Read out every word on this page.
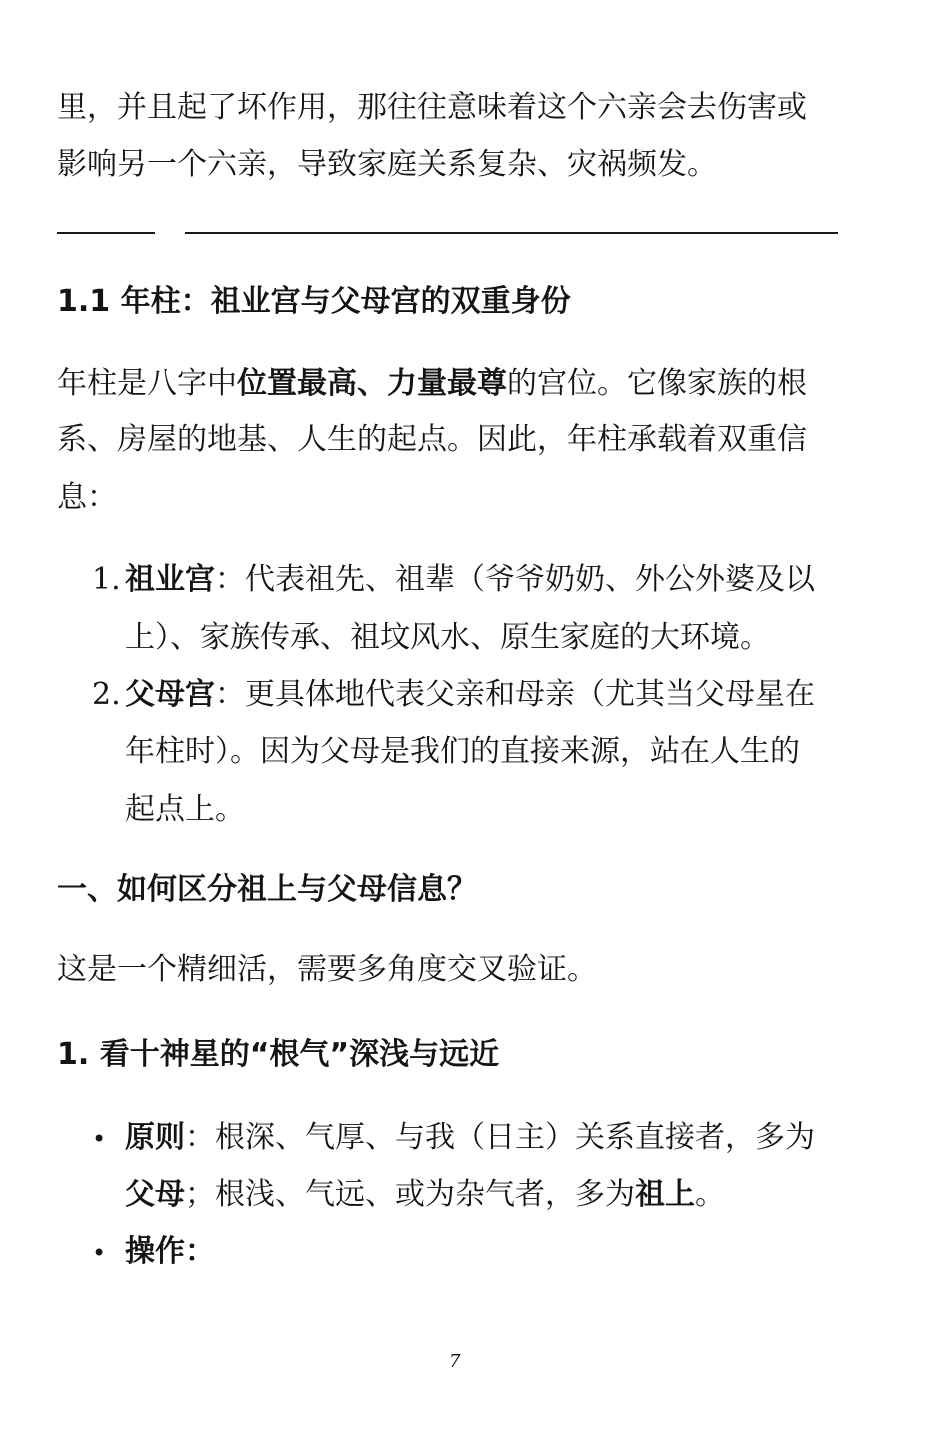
里，并且起了坏作用，那往往意味着这个六亲会去伤害或
影响另一个六亲，导致家庭关系复杂、灾祸频发。
1.1 年柱：祖业宫与父母宫的双重身份
年柱是八字中位置最高、力量最尊的宫位。它像家族的根
系、房屋的地基、人生的起点。因此，年柱承载着双重信
息：
1. 祖业宫：代表祖先、祖辈（爷爷奶奶、外公外婆及以
上）、家族传承、祖坟风水、原生家庭的大环境。
2. 父母宫：更具体地代表父亲和母亲（尤其当父母星在
年柱时）。因为父母是我们的直接来源，站在人生的
起点上。
一、如何区分祖上与父母信息？
这是一个精细活，需要多角度交叉验证。
1. 看十神星的“根气”深浅与远近
• 原则：根深、气厚、与我（日主）关系直接者，多为
父母；根浅、气远、或为杂气者，多为祖上。
• 操作：
7
